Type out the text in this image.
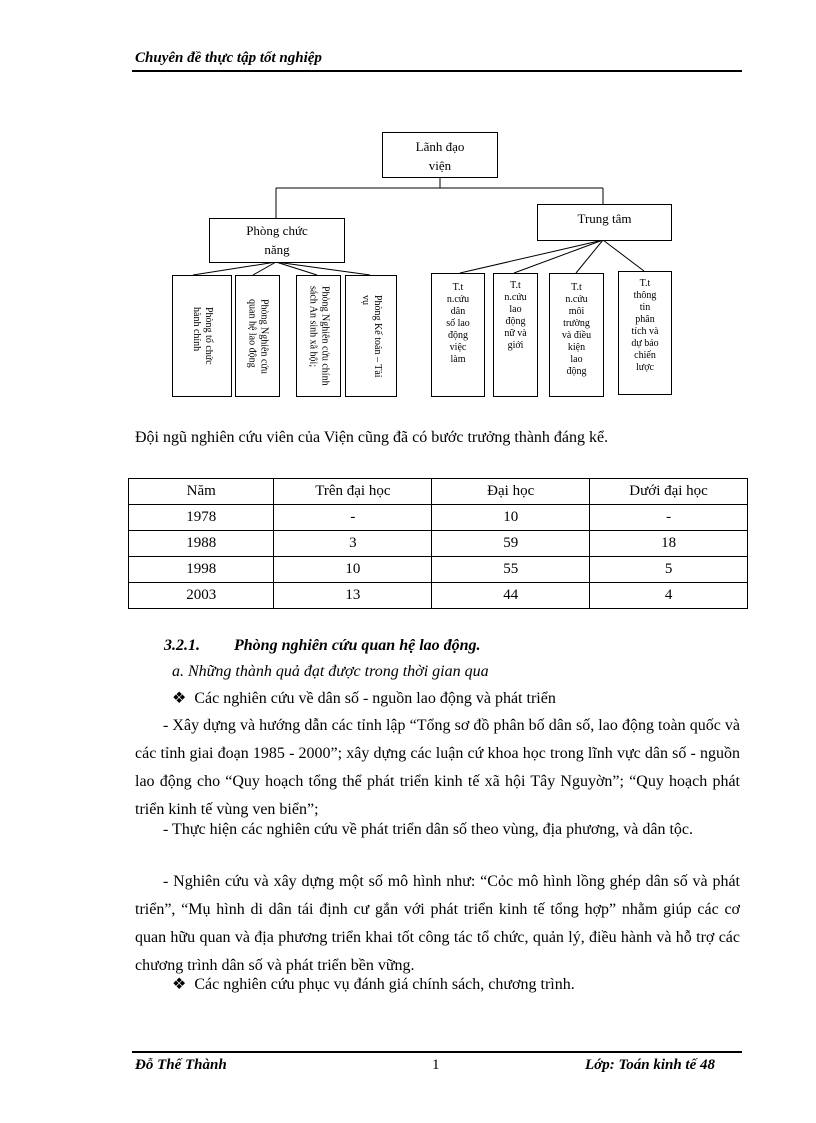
Chuyên đề thực tập tốt nghiệp
Lãnh đạo
viện
Phòng chức
năng
Trung tâm
Phòng tổ chức
hành chính	Phòng Nghiên cứu
quan hệ lao động	Phòng Nghiên cứu chính
sách An sinh xã hội;	Phòng Kế toán – Tài
vụ
T.t
n.cứu
dân
số lao
động
việc
làm
T.t
n.cứu
lao
động
nữ và
giới
T.t
n.cứu
môi
trường
và điều
kiện
lao
động
T.t
thông
tin
phân
tích và
dự báo
chiến
lược
Đội ngũ nghiên cứu viên của Viện cũng đã có bước trưởng thành đáng kể.
Năm	Trên đại học	Đại học	Dưới đại học
1978	-	10	-
1988	3	59	18
1998	10	55	5
2003	13	44	4
3.2.1. Phòng nghiên cứu quan hệ lao động.
a. Những thành quả đạt được trong thời gian qua
❖ Các nghiên cứu về dân số - nguồn lao động và phát triển
- Xây dựng và hướng dẫn các tỉnh lập “Tổng sơ đồ phân bố dân số, lao động toàn quốc và các tỉnh giai đoạn 1985 - 2000”; xây dựng các luận cứ khoa học trong lĩnh vực dân số - nguồn lao động cho “Quy hoạch tổng thể phát triển kinh tế xã hội Tây Nguyờn”; “Quy hoạch phát triển kinh tế vùng ven biển”;
- Thực hiện các nghiên cứu về phát triển dân số theo vùng, địa phương, và dân tộc.
- Nghiên cứu và xây dựng một số mô hình như: “Cỏc mô hình lồng ghép dân số và phát triển”, “Mụ hình di dân tái định cư gắn với phát triển kinh tế tổng hợp” nhằm giúp các cơ quan hữu quan và địa phương triển khai tốt công tác tổ chức, quản lý, điều hành và hỗ trợ các chương trình dân số và phát triển bền vững.
❖ Các nghiên cứu phục vụ đánh giá chính sách, chương trình.
Đỗ Thế Thành	1	Lớp: Toán kinh tế 48
